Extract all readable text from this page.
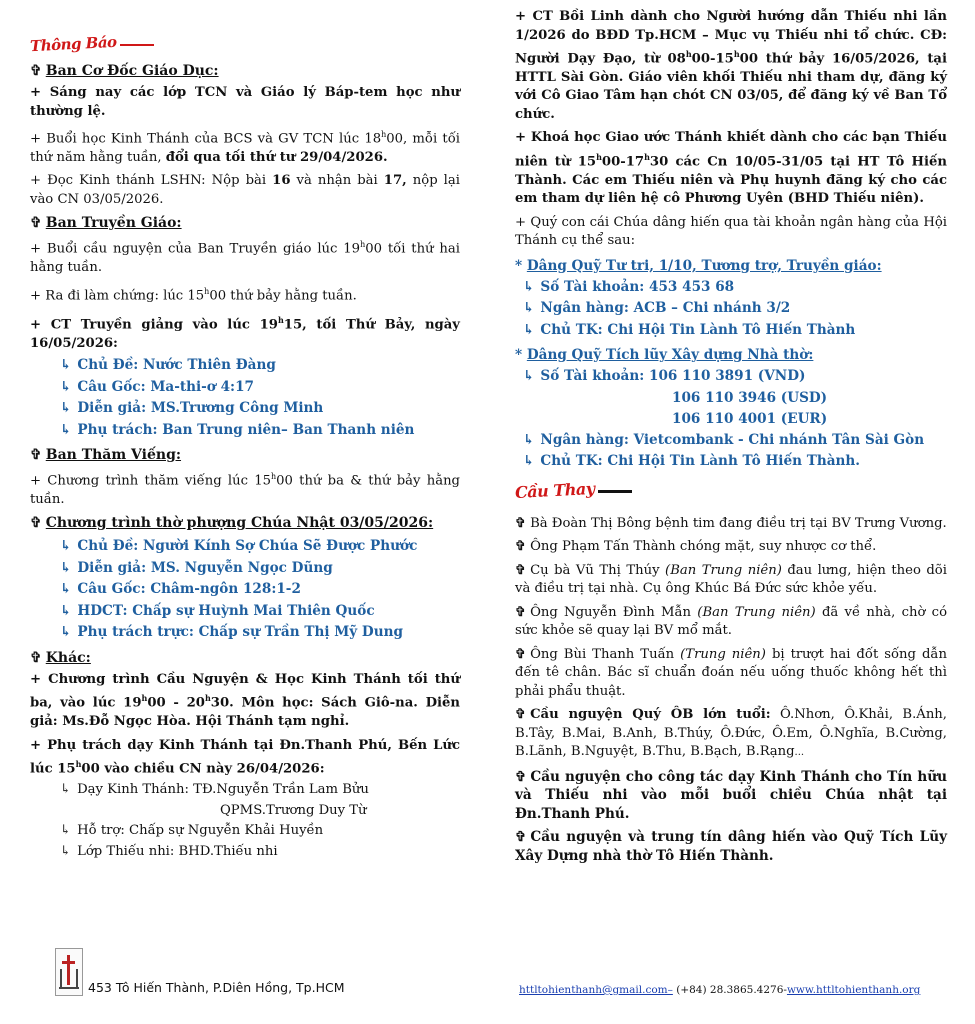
Thông Báo
✞ Ban Cơ Đốc Giáo Dục:

+ Sáng nay các lớp TCN và Giáo lý Báp-tem học như thường lệ.

+ Buổi học Kinh Thánh của BCS và GV TCN lúc 18$^h$00, mỗi tối thứ năm hằng tuần, đổi qua tối thứ tư 29/04/2026.

+ Đọc Kinh thánh LSHN: Nộp bài 16 và nhận bài 17, nộp lại vào CN 03/05/2026.

✞ Ban Truyền Giáo:

+ Buổi cầu nguyện của Ban Truyền giáo lúc 19$^h$00 tối thứ hai hằng tuần.

+ Ra đi làm chứng: lúc 15$^h$00 thứ bảy hằng tuần.

+ CT Truyền giảng vào lúc 19$^h$15, tối Thứ Bảy, ngày 16/05/2026:

↳ Chủ Đề: Nước Thiên Đàng

↳ Câu Gốc: Ma-thi-ơ 4:17

↳ Diễn giả: MS.Trương Công Minh

↳ Phụ trách: Ban Trung niên– Ban Thanh niên

✞ Ban Thăm Viếng:

+ Chương trình thăm viếng lúc 15$^h$00 thứ ba & thứ bảy hằng tuần.

✞ Chương trình thờ phượng Chúa Nhật 03/05/2026:

↳ Chủ Đề: Người Kính Sợ Chúa Sẽ Được Phước

↳ Diễn giả: MS. Nguyễn Ngọc Dũng

↳ Câu Gốc: Châm-ngôn 128:1-2

↳ HDCT: Chấp sự Huỳnh Mai Thiên Quốc

↳ Phụ trách trực: Chấp sự Trần Thị Mỹ Dung

✞ Khác:

+ Chương trình Cầu Nguyện & Học Kinh Thánh tối thứ ba, vào lúc 19$^h$00 - 20$^h$30. Môn học: Sách Giô-na. Diễn giả: Ms.Đỗ Ngọc Hòa. Hội Thánh tạm nghỉ.

+ Phụ trách dạy Kinh Thánh tại Đn.Thanh Phú, Bến Lức lúc 15$^h$00 vào chiều CN này 26/04/2026:

↳ Dạy Kinh Thánh: TĐ.Nguyễn Trần Lam Bửu
QPMS.Trương Duy Từ
↳ Hỗ trợ: Chấp sự Nguyễn Khải Huyền
↳ Lớp Thiếu nhi: BHD.Thiếu nhi
453 Tô Hiến Thành, P.Diên Hồng, Tp.HCM

+ CT Bồi Linh dành cho Người hướng dẫn Thiếu nhi lần 1/2026 do BĐD Tp.HCM – Mục vụ Thiếu nhi tổ chức. CĐ: Người Dạy Đạo, từ 08$^h$00-15$^h$00 thứ bảy 16/05/2026, tại HTTL Sài Gòn. Giáo viên khối Thiếu nhi tham dự, đăng ký với Cô Giao Tâm hạn chót CN 03/05, để đăng ký về Ban Tổ chức.

+ Khoá học Giao ước Thánh khiết dành cho các bạn Thiếu niên từ 15$^h$00-17$^h$30 các Cn 10/05-31/05 tại HT Tô Hiến Thành. Các em Thiếu niên và Phụ huynh đăng ký cho các em tham dự liên hệ cô Phương Uyên (BHD Thiếu niên).

+ Quý con cái Chúa dâng hiến qua tài khoản ngân hàng của Hội Thánh cụ thể sau:

* Dâng Quỹ Tư tri, 1/10, Tương trợ, Truyền giáo:
↳ Số Tài khoản: 453 453 68
↳ Ngân hàng: ACB – Chi nhánh 3/2
↳ Chủ TK: Chi Hội Tin Lành Tô Hiến Thành
* Dâng Quỹ Tích lũy Xây dựng Nhà thờ:
↳ Số Tài khoản: 106 110 3891 (VND)
106 110 3946 (USD)
106 110 4001 (EUR)
↳ Ngân hàng: Vietcombank - Chi nhánh Tân Sài Gòn
↳ Chủ TK: Chi Hội Tin Lành Tô Hiến Thành.
Cầu Thay

✞ Bà Đoàn Thị Bông bệnh tim đang điều trị tại BV Trưng Vương.

✞ Ông Phạm Tấn Thành chóng mặt, suy nhược cơ thể.

✞ Cụ bà Vũ Thị Thúy (Ban Trung niên) đau lưng, hiện theo dõi và điều trị tại nhà. Cụ ông Khúc Bá Đức sức khỏe yếu.

✞ Ông Nguyễn Đình Mẫn (Ban Trung niên) đã về nhà, chờ có sức khỏe sẽ quay lại BV mổ mắt.

✞ Ông Bùi Thanh Tuấn (Trung niên) bị trượt hai đốt sống dẫn đến tê chân. Bác sĩ chuẩn đoán nếu uống thuốc không hết thì phải phẩu thuật.

✞ Cầu nguyện Quý ÔB lớn tuổi: Ô.Nhơn, Ô.Khải, B.Ánh, B.Tây, B.Mai, B.Anh, B.Thúy, Ô.Đức, Ô.Em, Ô.Nghĩa, B.Cường, B.Lãnh, B.Nguyệt, B.Thu, B.Bạch, B.Rạng...

✞ Cầu nguyện cho công tác dạy Kinh Thánh cho Tín hữu và Thiếu nhi vào mỗi buổi chiều Chúa nhật tại Đn.Thanh Phú.

✞ Cầu nguyện và trung tín dâng hiến vào Quỹ Tích Lũy Xây Dựng nhà thờ Tô Hiến Thành.

httltohienthanh@gmail.com– (+84) 28.3865.4276-www.httltohienthanh.org
